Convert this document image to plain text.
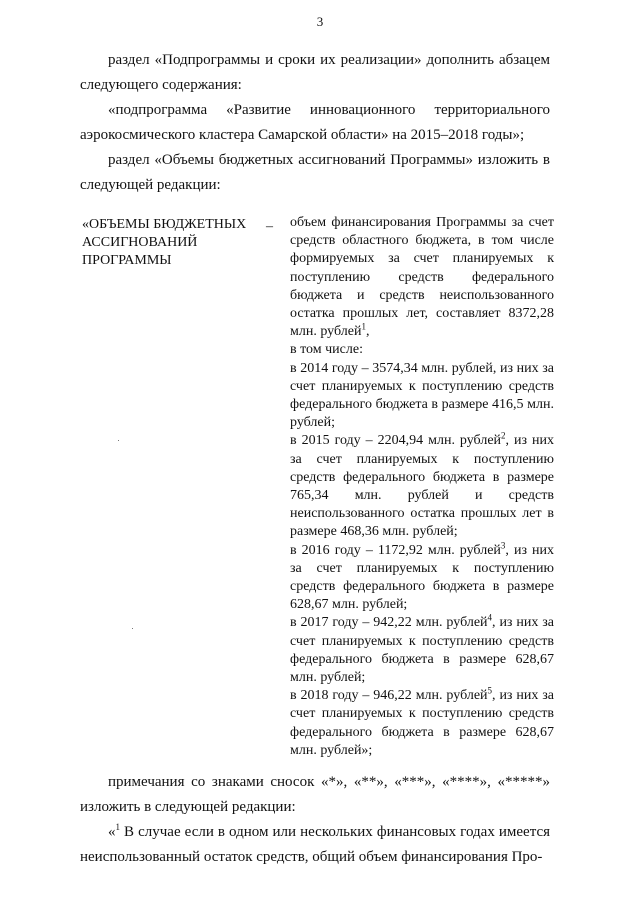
3

раздел «Подпрограммы и сроки их реализации» дополнить абзацем следующего содержания:

«подпрограмма «Развитие инновационного территориального аэрокосмического кластера Самарской области» на 2015–2018 годы»;

раздел «Объемы бюджетных ассигнований Программы» изложить в следующей редакции:

«ОБЪЕМЫ БЮДЖЕТНЫХ
АССИГНОВАНИЙ
ПРОГРАММЫ
– объем финансирования Программы за счет средств областного бюджета, в том числе формируемых за счет планируемых к поступлению средств федерального бюджета и средств неиспользованного остатка прошлых лет, составляет 8372,28 млн. рублей$^1$,

в том числе:

в 2014 году – 3574,34 млн. рублей, из них за счет планируемых к поступлению средств федерального бюджета в размере 416,5 млн. рублей;

в 2015 году – 2204,94 млн. рублей$^2$, из них за счет планируемых к поступлению средств федерального бюджета в размере 765,34 млн. рублей и средств неиспользованного остатка прошлых лет в размере 468,36 млн. рублей;

в 2016 году – 1172,92 млн. рублей$^3$, из них за счет планируемых к поступлению средств федерального бюджета в размере 628,67 млн. рублей;

в 2017 году – 942,22 млн. рублей$^4$, из них за счет планируемых к поступлению средств федерального бюджета в размере 628,67 млн. рублей;

в 2018 году – 946,22 млн. рублей$^5$, из них за счет планируемых к поступлению средств федерального бюджета в размере 628,67 млн. рублей»;

примечания со знаками сносок «*», «**», «***», «****», «*****» изложить в следующей редакции:

«$^1$ В случае если в одном или нескольких финансовых годах имеется неиспользованный остаток средств, общий объем финансирования Про-
